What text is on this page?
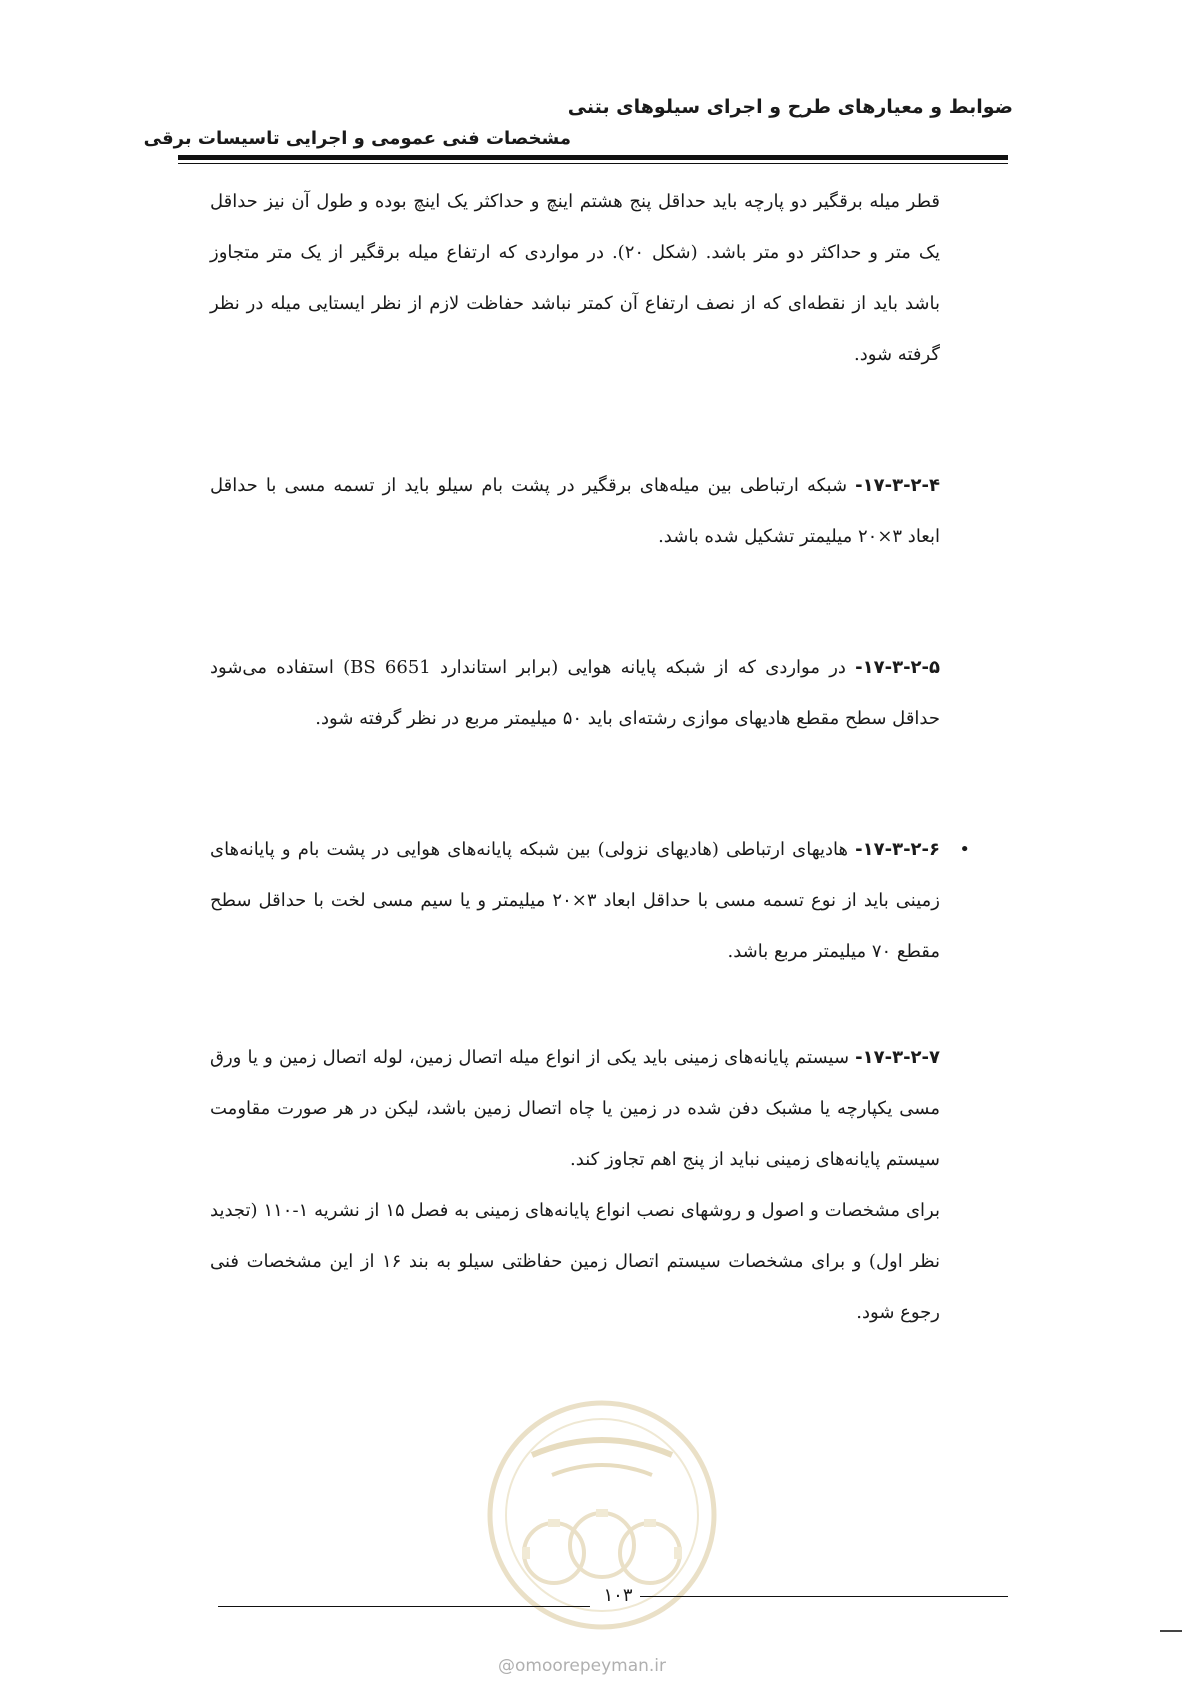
ضوابط و معیارهای طرح و اجرای سیلوهای بتنی
مشخصات فنی عمومی و اجرایی تاسیسات برقی

قطر میله برقگیر دو پارچه باید حداقل پنج هشتم اینچ و حداکثر یک اینچ بوده و طول آن نیز حداقل یک متر و حداکثر دو متر باشد. (شکل ۲۰). در مواردی که ارتفاع میله برقگیر از یک متر متجاوز باشد باید از نقطه‌ای که از نصف ارتفاع آن کمتر نباشد حفاظت لازم از نظر ایستایی میله در نظر گرفته شود.

۱۷-۳-۲-۴- شبکه ارتباطی بین میله‌های برقگیر در پشت بام سیلو باید از تسمه مسی با حداقل ابعاد ۳×۲۰ میلیمتر تشکیل شده باشد.

۱۷-۳-۲-۵- در مواردی که از شبکه پایانه هوایی (برابر استاندارد BS 6651) استفاده می‌شود حداقل سطح مقطع هادیهای موازی رشته‌ای باید ۵۰ میلیمتر مربع در نظر گرفته شود.

•
۱۷-۳-۲-۶- هادیهای ارتباطی (هادیهای نزولی) بین شبکه پایانه‌های هوایی در پشت بام و پایانه‌های زمینی باید از نوع تسمه مسی با حداقل ابعاد ۳×۲۰ میلیمتر و یا سیم مسی لخت با حداقل سطح مقطع ۷۰ میلیمتر مربع باشد.

۱۷-۳-۲-۷- سیستم پایانه‌های زمینی باید یکی از انواع میله اتصال زمین، لوله اتصال زمین و یا ورق مسی یکپارچه یا مشبک دفن شده در زمین یا چاه اتصال زمین باشد، لیکن در هر صورت مقاومت سیستم پایانه‌های زمینی نباید از پنج اهم تجاوز کند.

برای مشخصات و اصول و روشهای نصب انواع پایانه‌های زمینی به فصل ۱۵ از نشریه ۱-۱۱۰ (تجدید نظر اول) و برای مشخصات سیستم اتصال زمین حفاظتی سیلو به بند ۱۶ از این مشخصات فنی رجوع شود.

۱۰۳
@omoorepeyman.ir
